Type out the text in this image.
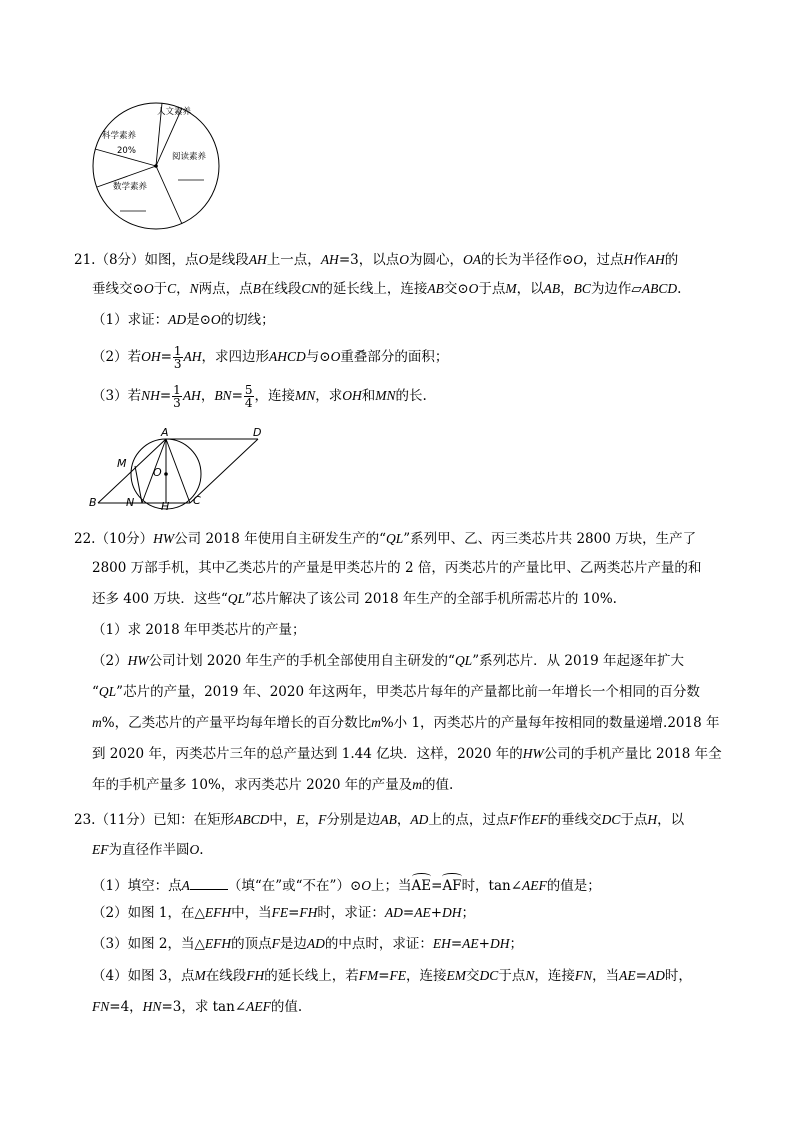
人文素养
科学素养
20%
阅读素养
数学素养
21.（8分）如图，点O是线段AH上一点，AH=3，以点O为圆心，OA的长为半径作⊙O，过点H作AH的
垂线交⊙O于C，N两点，点B在线段CN的延长线上，连接AB交⊙O于点M，以AB，BC为边作▱ABCD.
（1）求证：AD是⊙O的切线；
（2）若$OH= \frac{1}{3}$ AH，求四边形AHCD与⊙O重叠部分的面积；
（3）若$NH= \frac{1}{3}$ AH，$BN= \frac{5}{4}$ ，连接MN，求OH和MN的长.
A	D
M
O
B	N H C
22.（10分）HW公司 2018 年使用自主研发生产的“QL”系列甲、乙、丙三类芯片共 2800 万块，生产了
2800 万部手机，其中乙类芯片的产量是甲类芯片的 2 倍，丙类芯片的产量比甲、乙两类芯片产量的和
还多 400 万块．这些“QL”芯片解决了该公司 2018 年生产的全部手机所需芯片的 10%.
（1）求 2018 年甲类芯片的产量；
（2）HW公司计划 2020 年生产的手机全部使用自主研发的“QL”系列芯片．从 2019 年起逐年扩大
“QL”芯片的产量，2019 年、2020 年这两年，甲类芯片每年的产量都比前一年增长一个相同的百分数
m%，乙类芯片的产量平均每年增长的百分数比m%小 1，丙类芯片的产量每年按相同的数量递增.2018 年
到 2020 年，丙类芯片三年的总产量达到 1.44 亿块．这样，2020 年的HW公司的手机产量比 2018 年全
年的手机产量多 10%，求丙类芯片 2020 年的产量及m的值.
23.（11分）已知：在矩形ABCD中，E，F分别是边AB，AD上的点，过点F作EF的垂线交DC于点H，以
EF为直径作半圆O.
（1）填空：点A	（填“在”或“不在”）⊙O上；当
AE=
AF时，tan∠AEF的值是；
（2）如图 1，在△EFH中，当FE=FH时，求证：AD=AE+DH；
（3）如图 2，当△EFH的顶点F是边AD的中点时，求证：EH=AE+DH；
（4）如图 3，点M在线段FH的延长线上，若FM=FE，连接EM交DC于点N，连接FN，当AE=AD时，
FN=4，HN=3，求 tan∠AEF的值.
